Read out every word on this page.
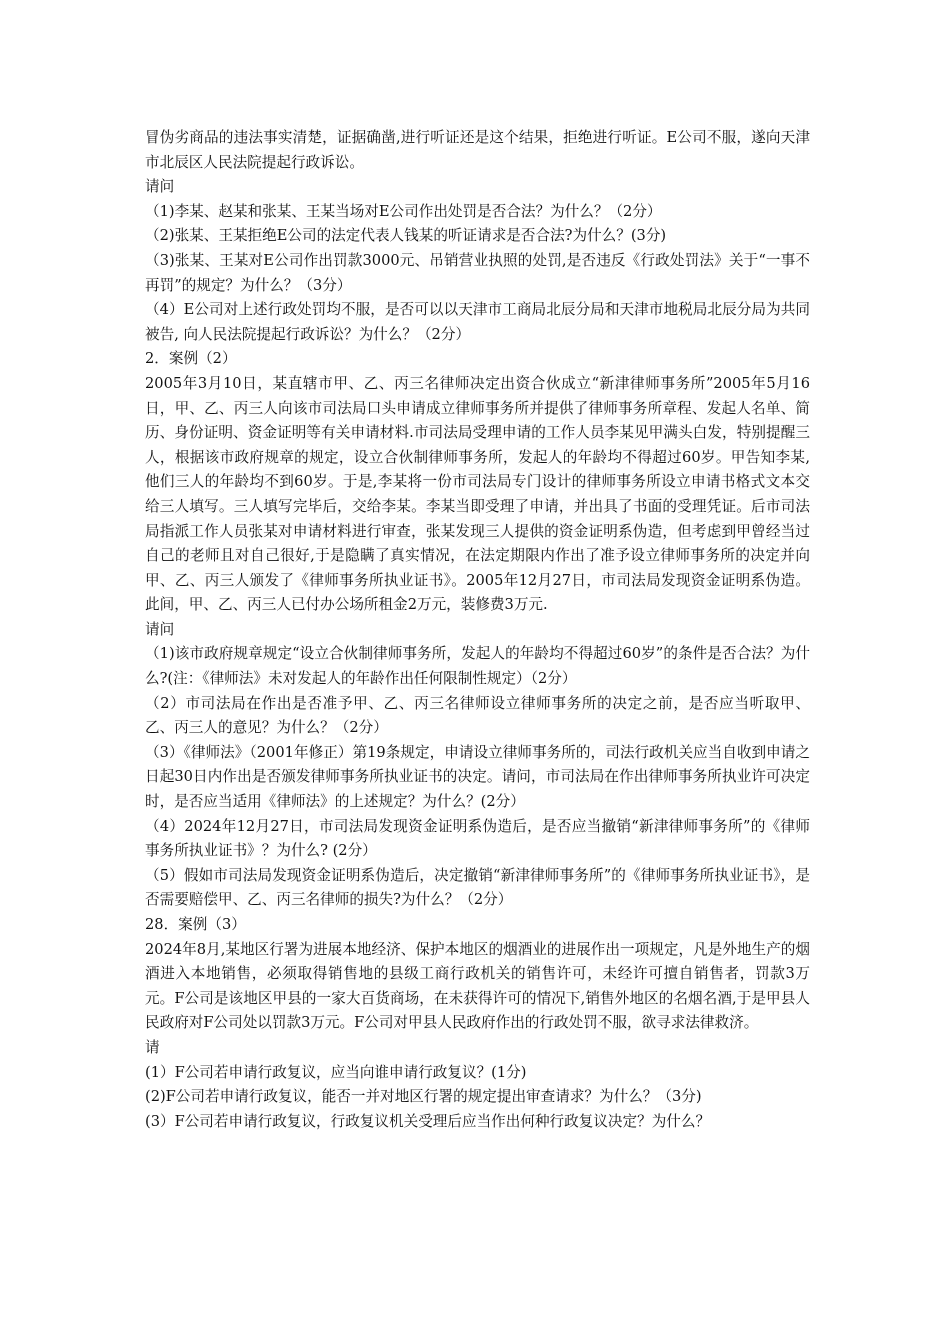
冒伪劣商品的违法事实清楚，证据确凿,进行听证还是这个结果，拒绝进行听证。E公司不服，遂向天津市北辰区人民法院提起行政诉讼。

请问

（1)李某、赵某和张某、王某当场对E公司作出处罚是否合法？为什么？（2分）

（2)张某、王某拒绝E公司的法定代表人钱某的听证请求是否合法?为什么？(3分)

（3)张某、王某对E公司作出罚款3000元、吊销营业执照的处罚,是否违反《行政处罚法》关于“一事不再罚”的规定？为什么？（3分）

（4）E公司对上述行政处罚均不服，是否可以以天津市工商局北辰分局和天津市地税局北辰分局为共同被告, 向人民法院提起行政诉讼？为什么？（2分）

2．案例（2）

2005年3月10日，某直辖市甲、乙、丙三名律师决定出资合伙成立“新津律师事务所”2005年5月16日，甲、乙、丙三人向该市司法局口头申请成立律师事务所并提供了律师事务所章程、发起人名单、简历、身份证明、资金证明等有关申请材料.市司法局受理申请的工作人员李某见甲满头白发，特别提醒三人，根据该市政府规章的规定，设立合伙制律师事务所，发起人的年龄均不得超过60岁。甲告知李某,他们三人的年龄均不到60岁。于是,李某将一份市司法局专门设计的律师事务所设立申请书格式文本交给三人填写。三人填写完毕后，交给李某。李某当即受理了申请，并出具了书面的受理凭证。后市司法局指派工作人员张某对申请材料进行审查，张某发现三人提供的资金证明系伪造，但考虑到甲曾经当过自己的老师且对自己很好,于是隐瞒了真实情况，在法定期限内作出了准予设立律师事务所的决定并向甲、乙、丙三人颁发了《律师事务所执业证书》。2005年12月27日，市司法局发现资金证明系伪造。此间，甲、乙、丙三人已付办公场所租金2万元，装修费3万元.

请问

（1)该市政府规章规定“设立合伙制律师事务所，发起人的年龄均不得超过60岁”的条件是否合法？为什么?(注：《律师法》未对发起人的年龄作出任何限制性规定）（2分）

（2）市司法局在作出是否准予甲、乙、丙三名律师设立律师事务所的决定之前，是否应当听取甲、乙、丙三人的意见？为什么？（2分）

（3）《律师法》（2001年修正）第19条规定，申请设立律师事务所的，司法行政机关应当自收到申请之日起30日内作出是否颁发律师事务所执业证书的决定。请问，市司法局在作出律师事务所执业许可决定时，是否应当适用《律师法》的上述规定？为什么？(2分）

（4）2024年12月27日，市司法局发现资金证明系伪造后，是否应当撤销“新津律师事务所”的《律师事务所执业证书》？为什么? (2分）

（5）假如市司法局发现资金证明系伪造后，决定撤销“新津律师事务所”的《律师事务所执业证书》，是否需要赔偿甲、乙、丙三名律师的损失?为什么？（2分）

28．案例（3）

2024年8月,某地区行署为进展本地经济、保护本地区的烟酒业的进展作出一项规定，凡是外地生产的烟酒进入本地销售，必须取得销售地的县级工商行政机关的销售许可，未经许可擅自销售者，罚款3万元。F公司是该地区甲县的一家大百货商场，在未获得许可的情况下,销售外地区的名烟名酒,于是甲县人民政府对F公司处以罚款3万元。F公司对甲县人民政府作出的行政处罚不服，欲寻求法律救济。

请

(1）F公司若申请行政复议，应当向谁申请行政复议？(1分)

(2)F公司若申请行政复议，能否一并对地区行署的规定提出审查请求？为什么？（3分)

(3）F公司若申请行政复议，行政复议机关受理后应当作出何种行政复议决定？为什么？
